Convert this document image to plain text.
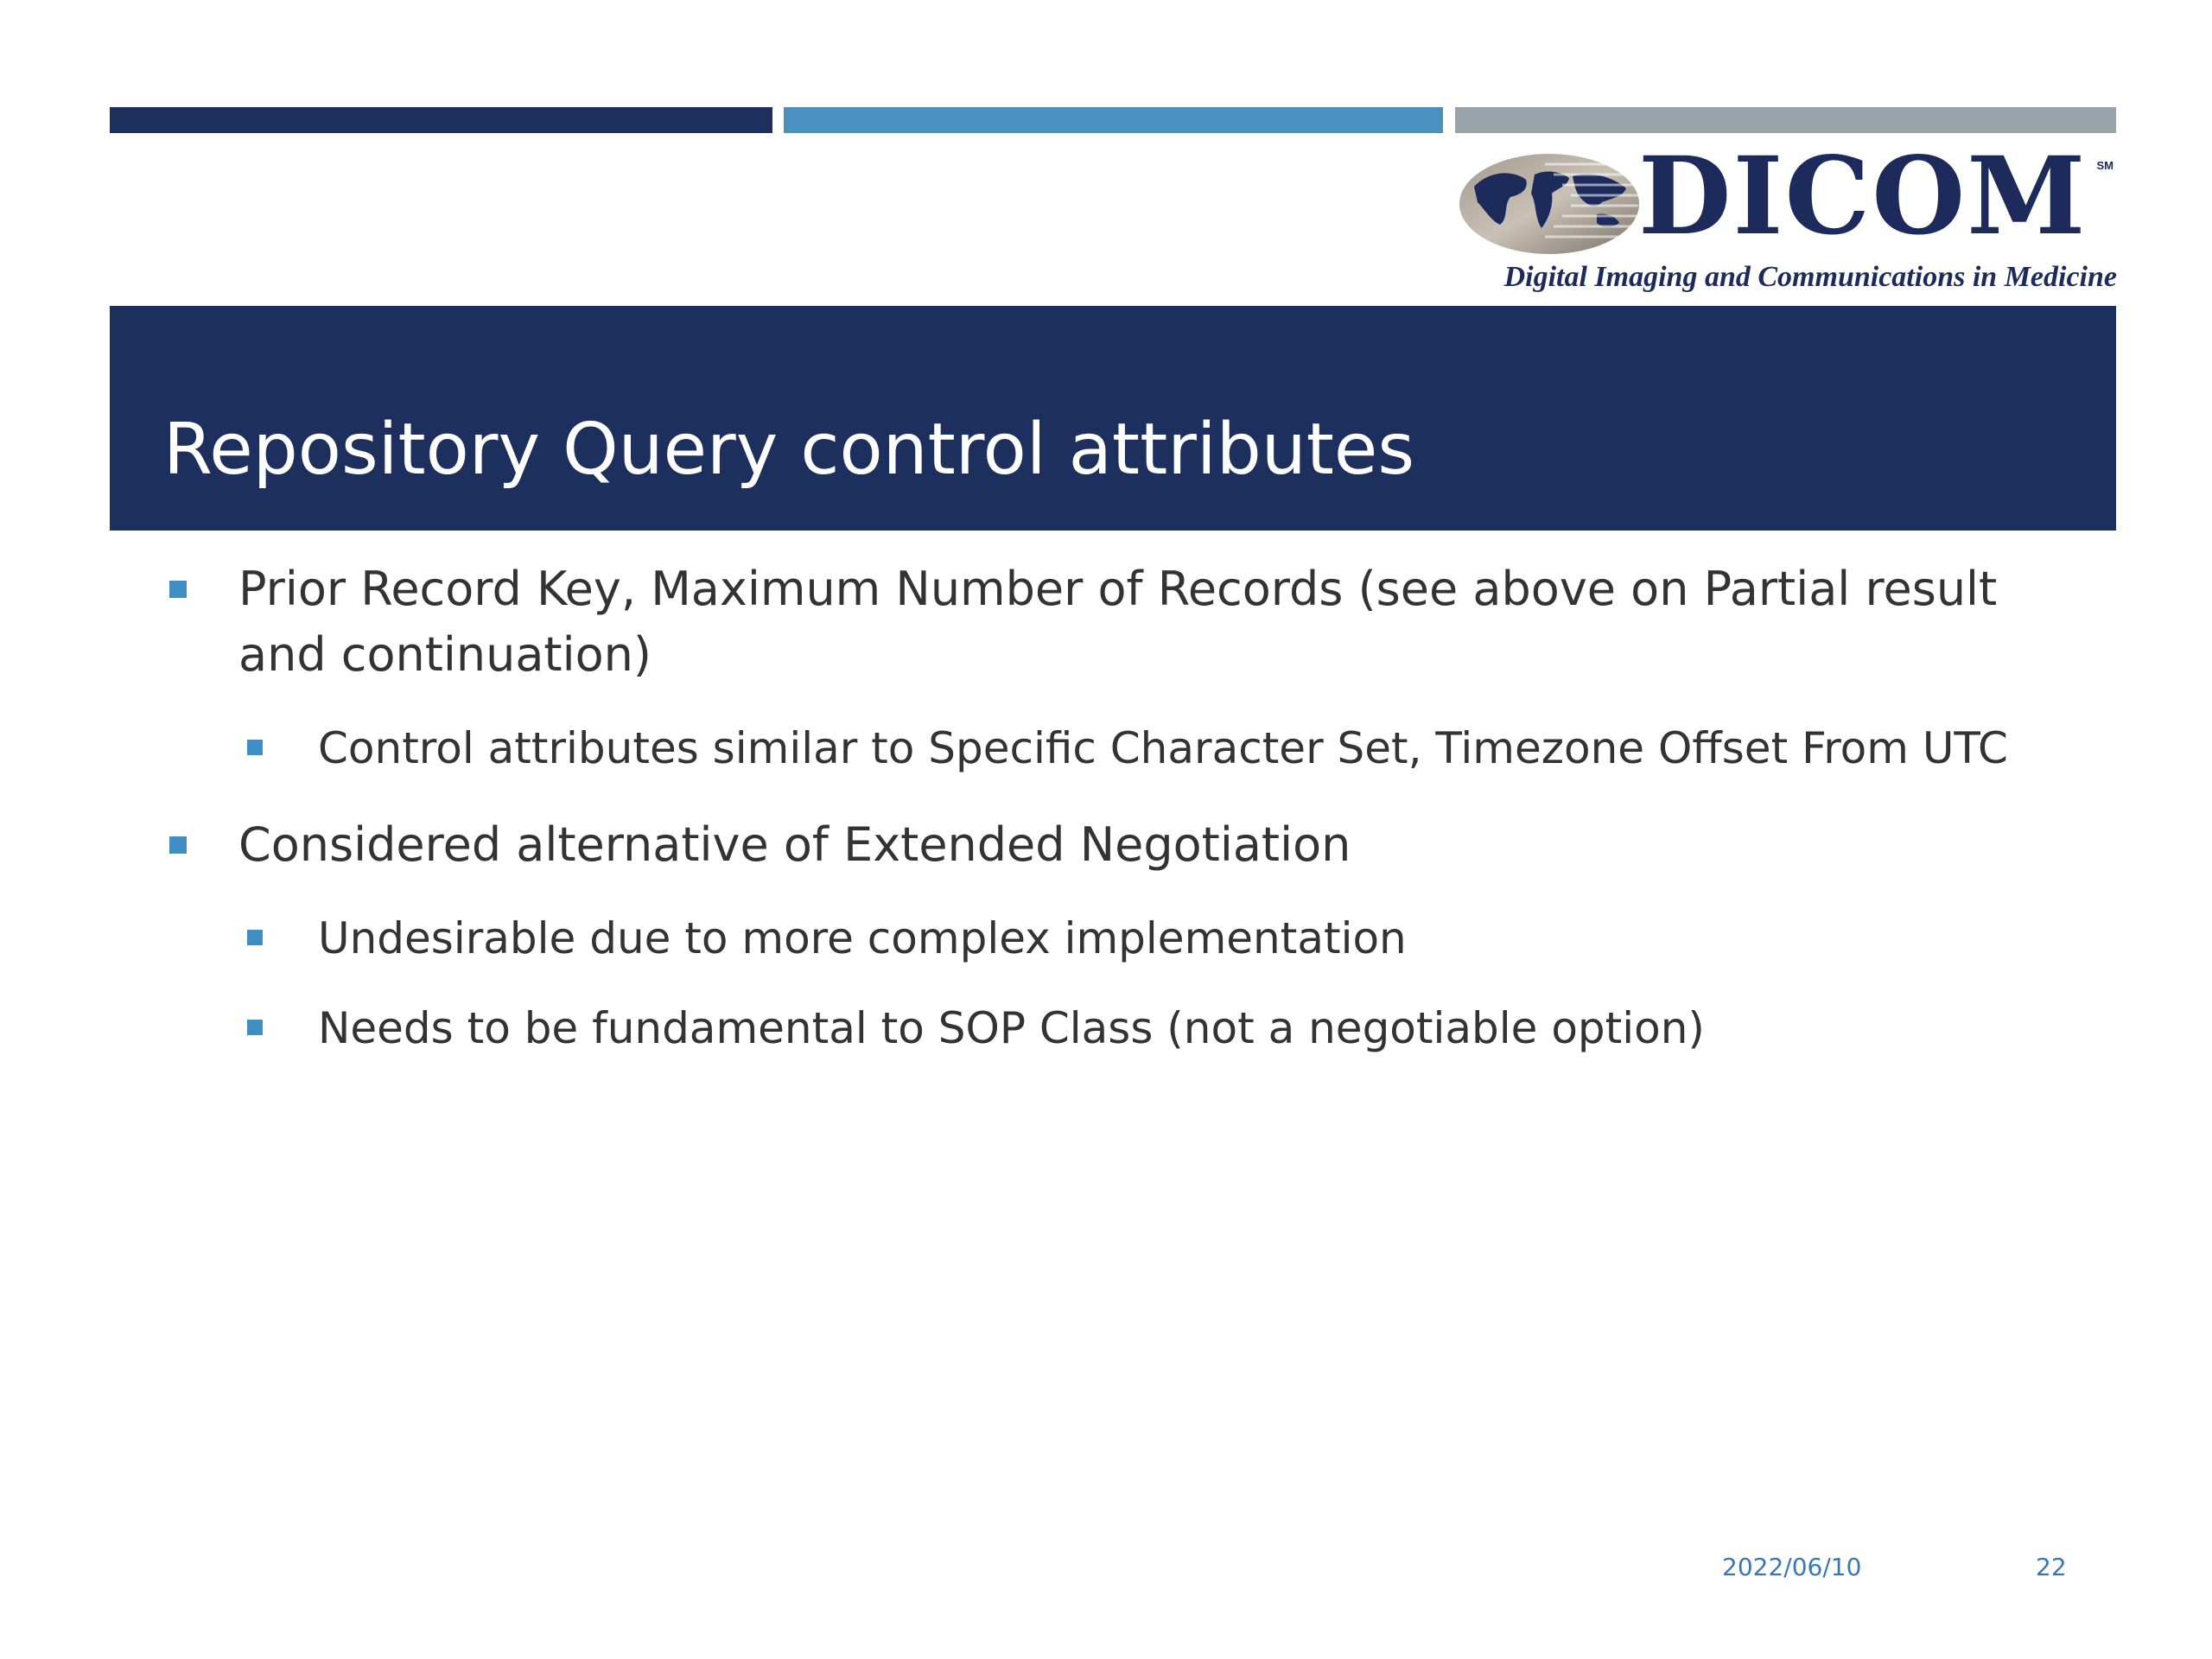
DICOM SM
Digital Imaging and Communications in Medicine
Repository Query control attributes
Prior Record Key, Maximum Number of Records (see above on Partial result and continuation)
Control attributes similar to Specific Character Set, Timezone Offset From UTC
Considered alternative of Extended Negotiation
Undesirable due to more complex implementation
Needs to be fundamental to SOP Class (not a negotiable option)
2022/06/10	22
